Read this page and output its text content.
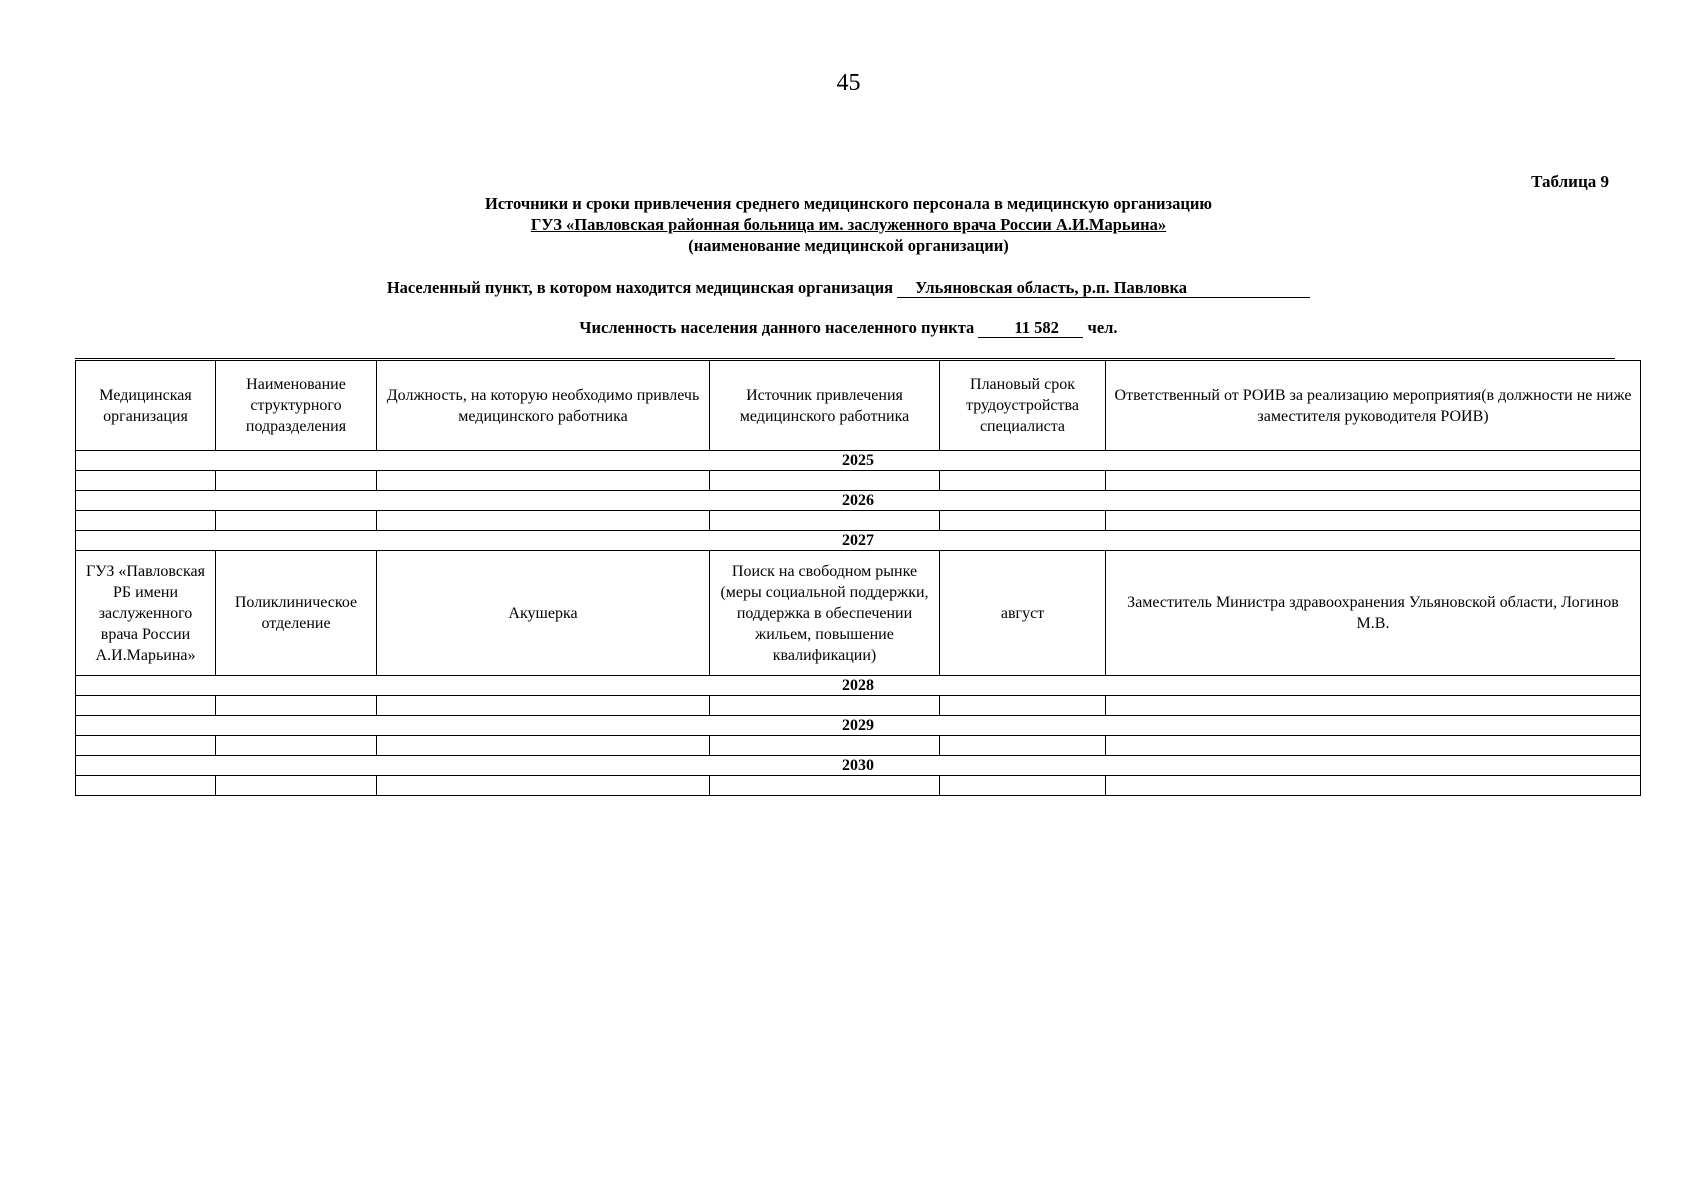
45
Таблица 9
Источники и сроки привлечения среднего медицинского персонала в медицинскую организацию
ГУЗ «Павловская районная больница им. заслуженного врача России А.И.Марьина»
(наименование медицинской организации)
Населенный пункт, в котором находится медицинская организация Ульяновская область, р.п. Павловка
Численность населения данного населенного пункта 11 582 чел.
Медицинская организация	Наименование структурного подразделения	Должность, на которую необходимо привлечь медицинского работника	Источник привлечения медицинского работника	Плановый срок трудоустройства специалиста	Ответственный от РОИВ за реализацию мероприятия(в должности не ниже заместителя руководителя РОИВ)
2025					

2026					

2027					
ГУЗ «Павловская РБ имени заслуженного врача России А.И.Марьина»	Поликлиническое отделение	Акушерка	Поиск на свободном рынке (меры социальной поддержки, поддержка в обеспечении жильем, повышение квалификации)	август	Заместитель Министра здравоохранения Ульяновской области, Логинов М.В.
2028					

2029					

2030					
